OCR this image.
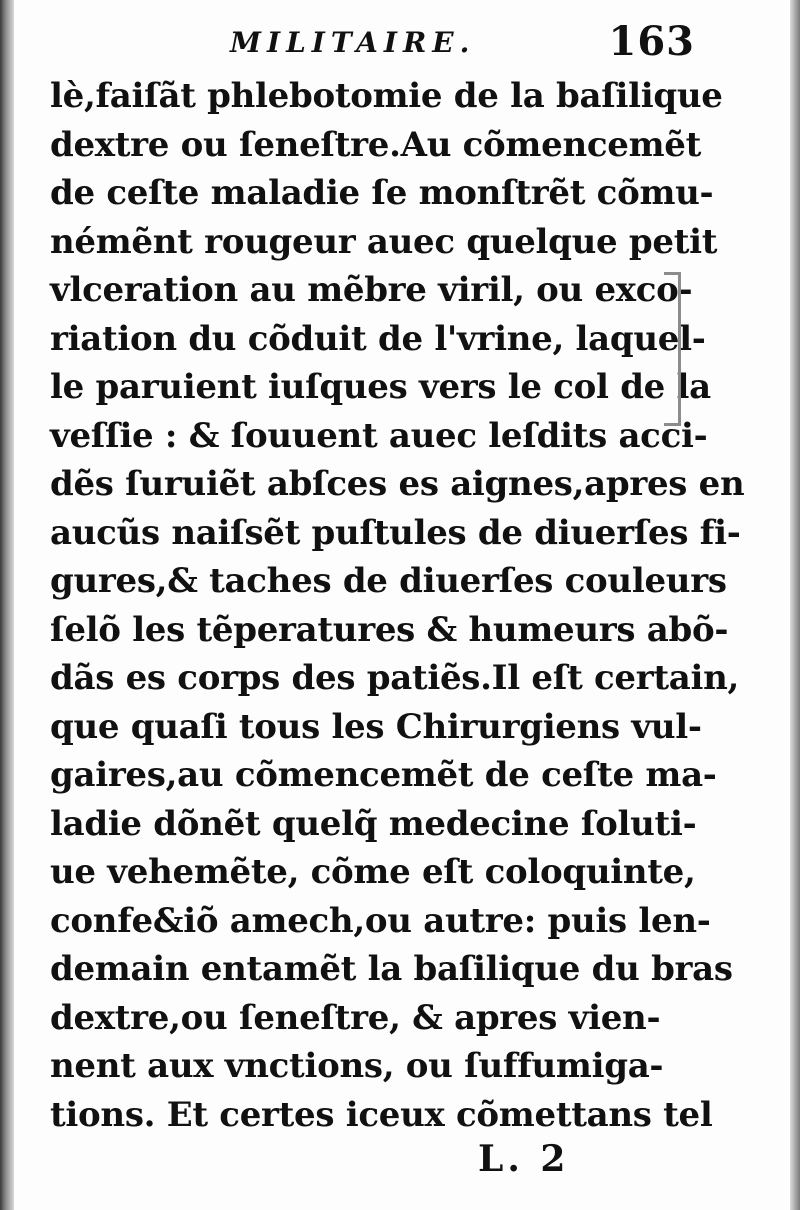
MILITAIRE.	163
lè,faiſãt phlebotomie de la baſilique
dextre ou ſeneſtre.Au cõmencemẽt
de ceſte maladie ſe monſtrẽt cõmu-
némẽnt rougeur auec quelque petit
vlceration au mẽbre viril, ou exco-
riation du cõduit de l'vrine, laquel-
le paruient iuſques vers le col de la
veſſie : & ſouuent auec leſdits acci-
dẽs ſuruiẽt abſces es aignes,apres en
aucũs naiſsẽt puſtules de diuerſes fi-
gures,& taches de diuerſes couleurs
ſelõ les tẽperatures & humeurs abõ-
dãs es corps des patiẽs.Il eſt certain,
que quaſi tous les Chirurgiens vul-
gaires,au cõmencemẽt de ceſte ma-
ladie dõnẽt quelq̃ medecine ſoluti-
ue vehemẽte, cõme eſt coloquinte,
confe&iõ amech,ou autre: puis len-
demain entamẽt la baſilique du bras
dextre,ou ſeneſtre, & apres vien-
nent aux vnctions, ou ſuffumiga-
tions. Et certes iceux cõmettans tel
L. 2
